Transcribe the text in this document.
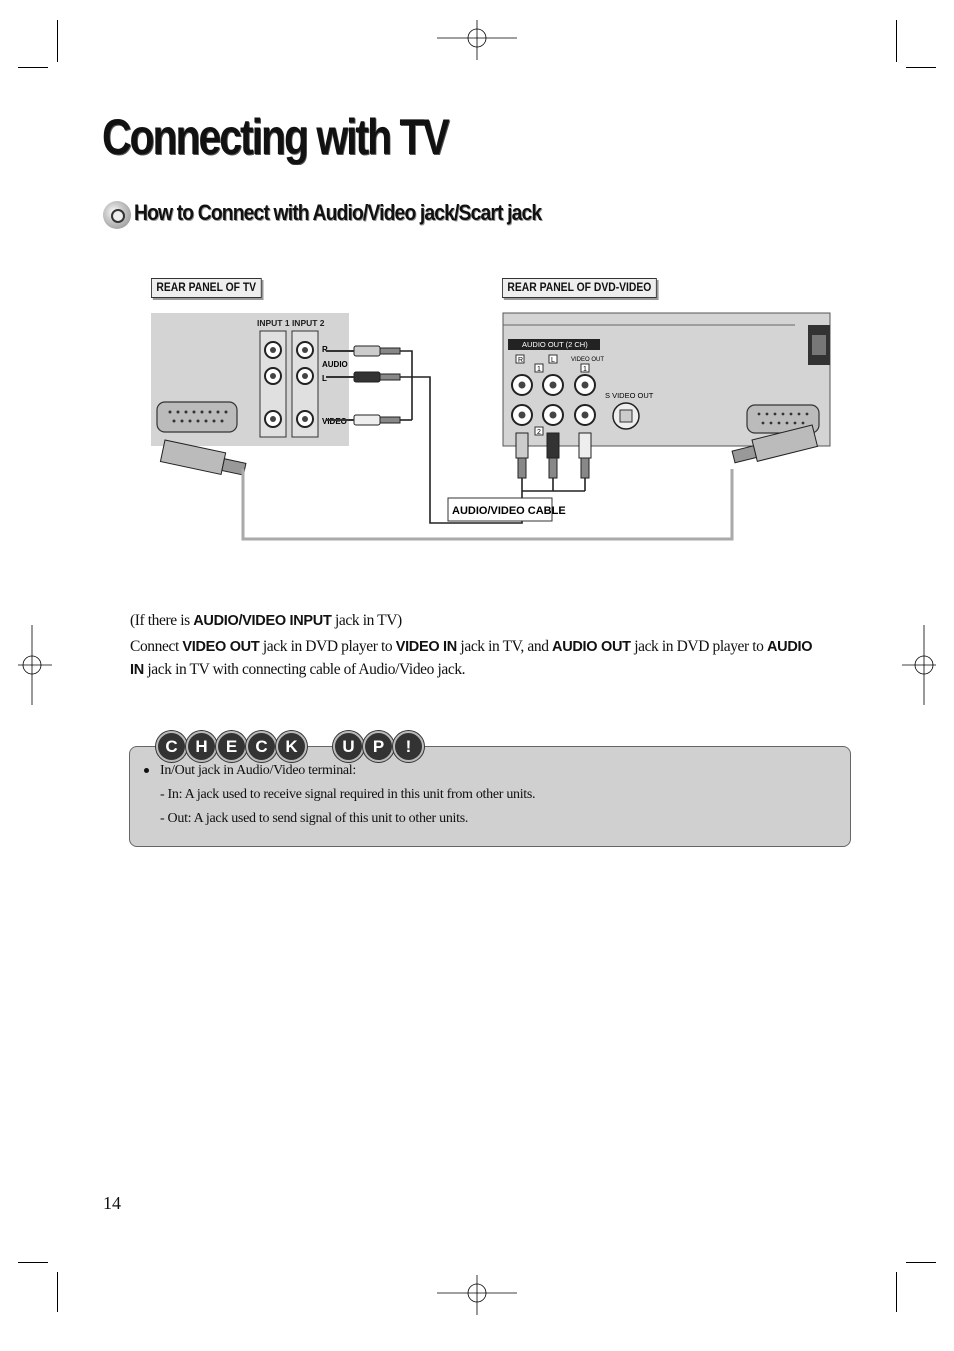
Connecting with TV
How to Connect with Audio/Video jack/Scart jack
REAR PANEL OF TV	REAR PANEL OF DVD-VIDEO
INPUT 1 INPUT 2
R
AUDIO
L
VIDEO
AUDIO OUT (2 CH)
R	L	VIDEO OUT
1	1
2
S VIDEO OUT
AUDIO/VIDEO CABLE
(If there is AUDIO/VIDEO INPUT jack in TV)
Connect VIDEO OUT jack in DVD player to VIDEO IN jack in TV, and AUDIO OUT jack in DVD player to AUDIO
IN jack in TV with connecting cable of Audio/Video jack.
C	H	E	C	K	U	P	!
In/Out jack in Audio/Video terminal:
- In: A jack used to receive signal required in this unit from other units.
- Out: A jack used to send signal of this unit to other units.
14
